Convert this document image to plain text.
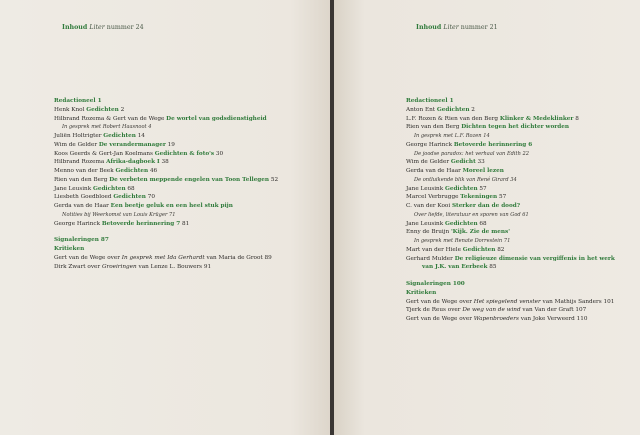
Inhoud Liter nummer 24
Redactioneel 1
Henk Knol Gedichten 2
Hilbrand Rozema & Gert van de Wege De wortel van godsdienstigheid
In gesprek met Robert Haasnoot 4
Juliën Holtrigter Gedichten 14
Wim de Gelder De verandermanager 19
Koos Geerds & Gert-Jan Koelmans Gedichten & foto's 30
Hilbrand Rozema Afrika-dagboek I 38
Menno van der Beek Gedichten 46
Rien van den Berg De verbeten meppende engelen van Toon Tellegen 52
Jane Leusink Gedichten 68
Liesbeth Goedbloed Gedichten 70
Gerda van de Haar Een beetje geluk en een heel stuk pijn
Notities bij Weerkomst van Louis Krüger 71
George Harinck Betoverde herinnering 7 81
Signaleringen 87
Kritieken
Gert van de Wege over In gesprek met Ida Gerhardt van Maria de Groot 89
Dirk Zwart over Groeiringen van Lenze L. Bouwers 91
Inhoud Liter nummer 21
Redactioneel 1
Anton Ent Gedichten 2
L.F. Rozen & Rien van den Berg Klinker & Medeklinker 8
Rien van den Berg Dichten tegen het dichter worden
In gesprek met L.F. Rozen 14
George Harinck Betoverde herinnering 6
De joodse paradox: het verhaal van Edith 22
Wim de Gelder Gedicht 33
Gerda van de Haar Moreel lezen
De ontluikende blik van René Girard 34
Jane Leusink Gedichten 57
Marcel Verbrugge Tekeningen 57
C. van der Kooi Sterker dan de dood?
Over liefde, literatuur en sporen van God 61
Jane Leusink Gedichten 68
Enny de Bruijn 'Kijk. Zie de mens'
In gesprek met Renate Dorrestein 71
Mart van der Hiele Gedichten 82
Gerhard Mulder De religieuze dimensie van vergiffenis in het werk
van J.K. van Eerbeek 85
Signaleringen 100
Kritieken
Gert van de Wege over Het spiegelend venster van Mathijs Sanders 101
Tjerk de Reus over De weg van de wind van Van der Graft 107
Gert van de Wege over Wapenbroeders van Joke Verweerd 110
